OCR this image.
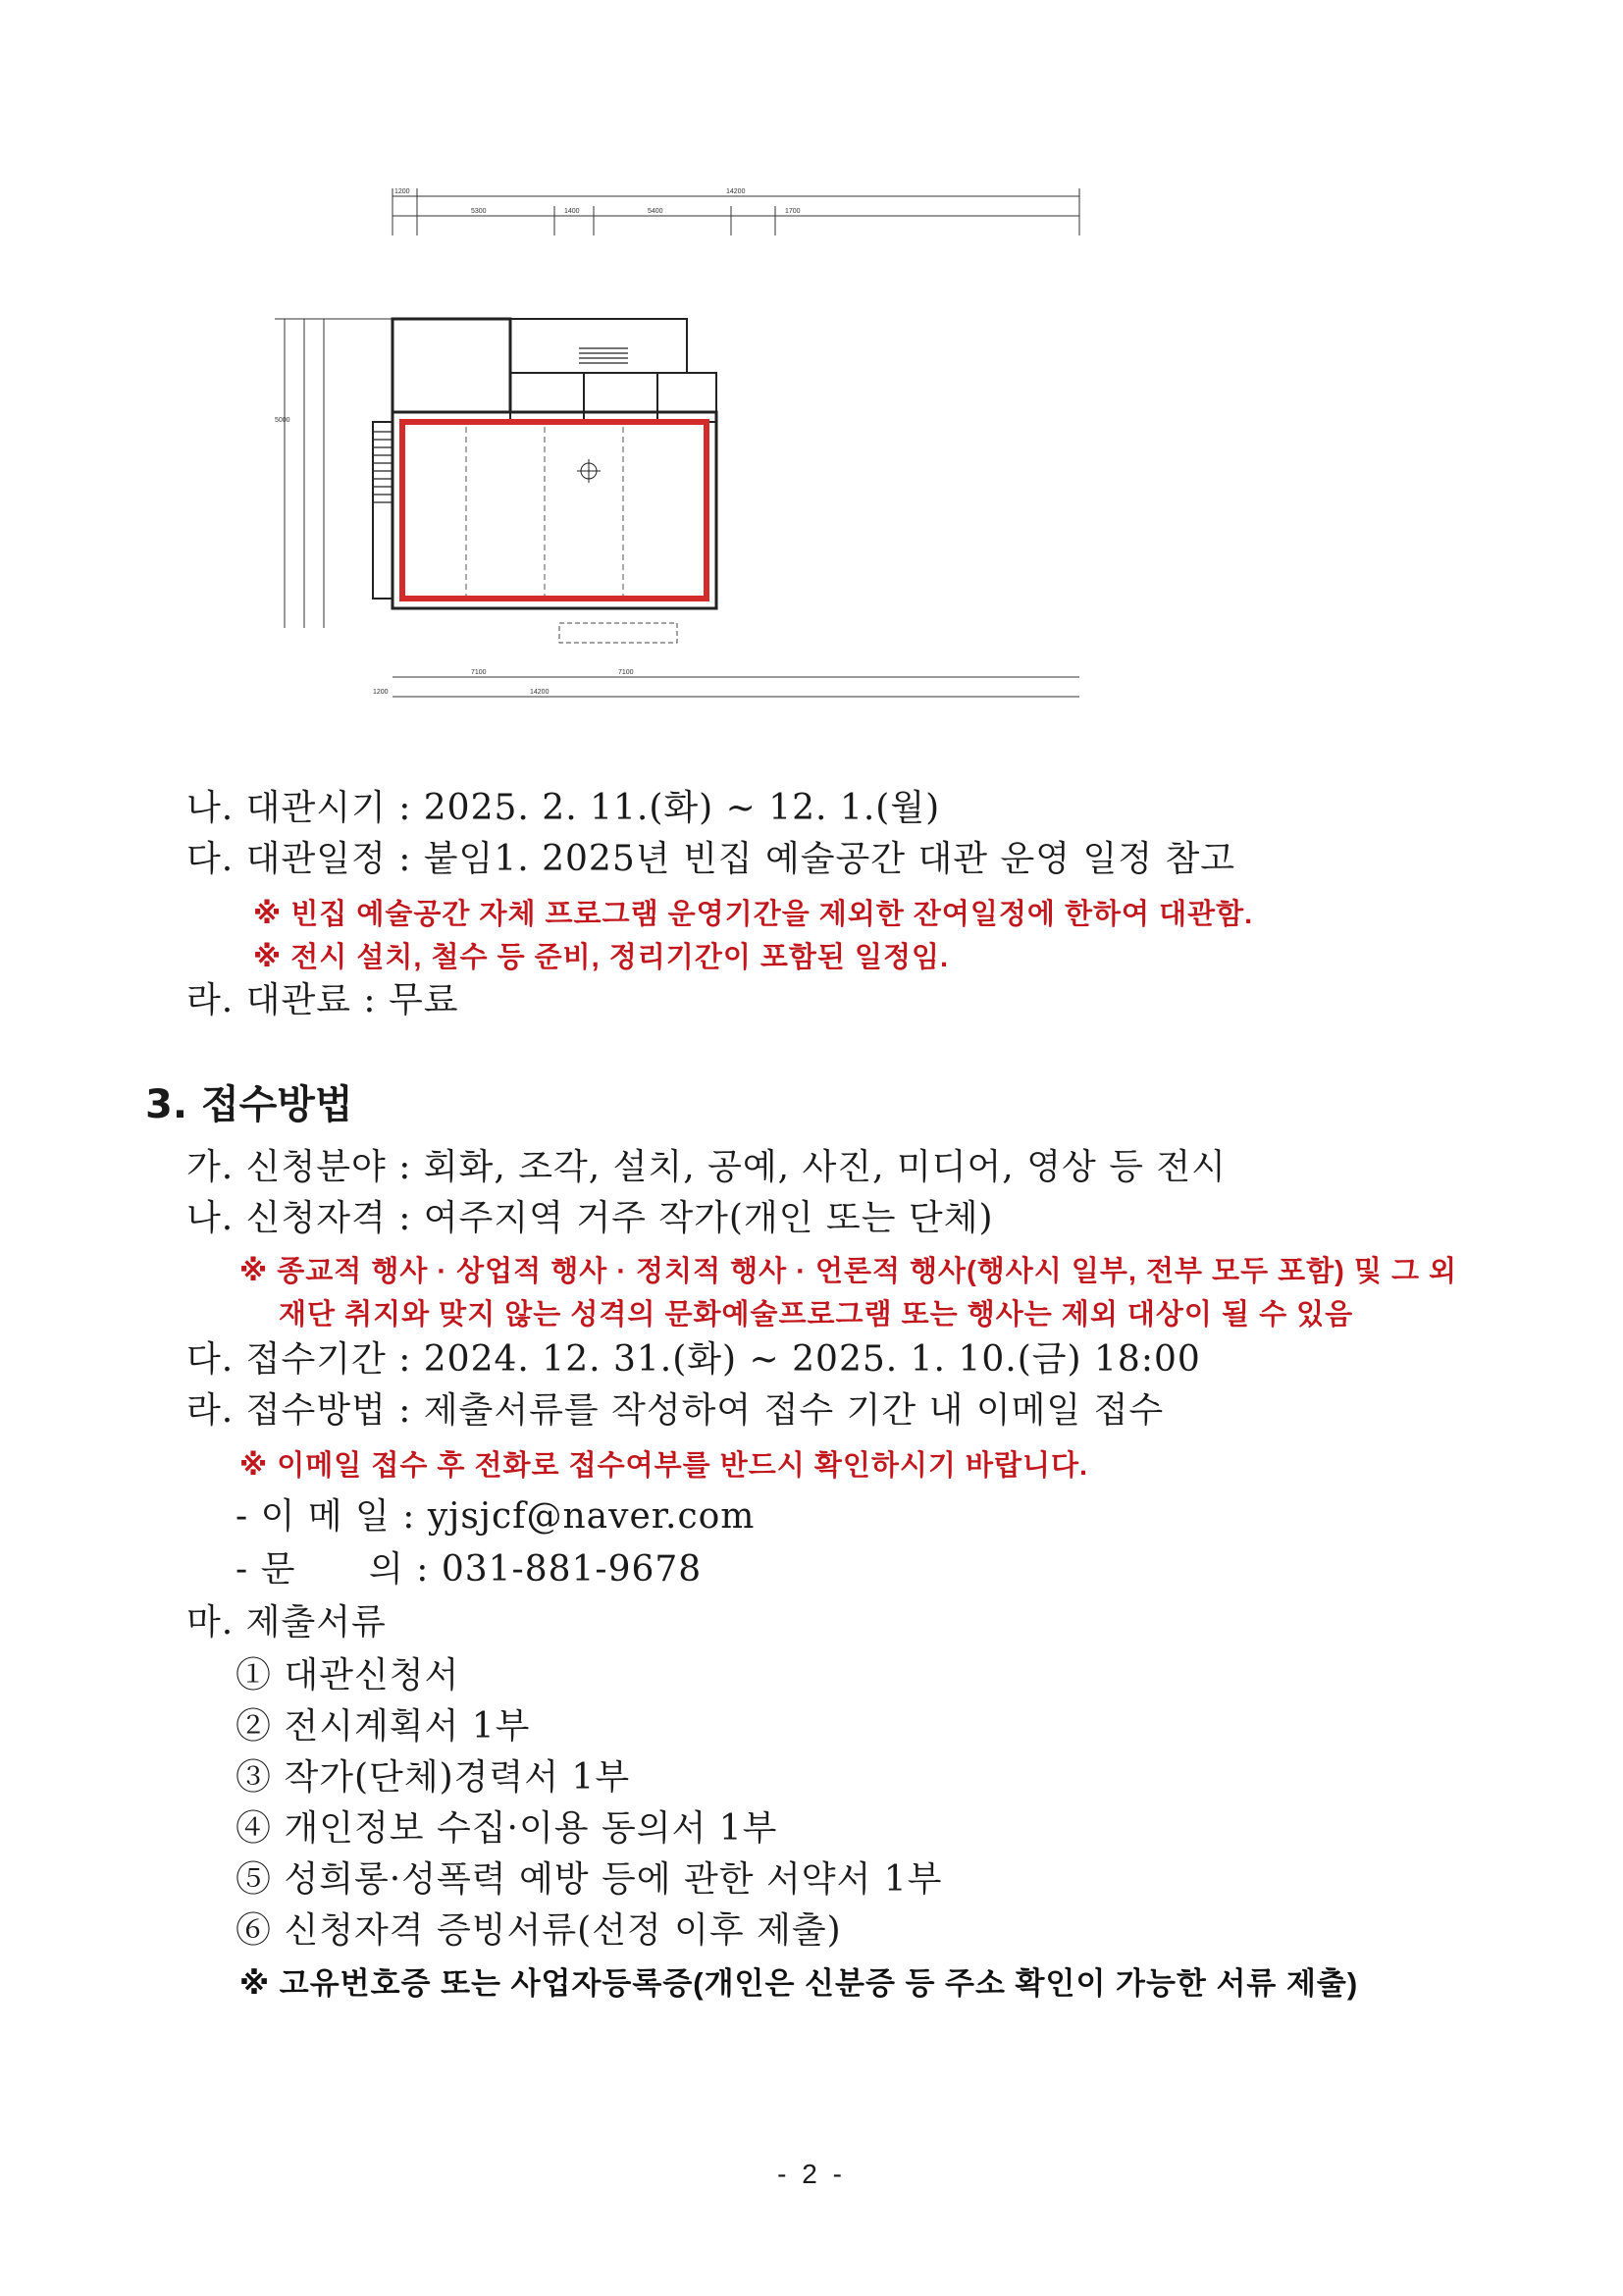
1200	14200
5300	1400	5400	1700
5000
7100	7100
1200	14200
나. 대관시기 : 2025. 2. 11.(화) ~ 12. 1.(월)
다. 대관일정 : 붙임1. 2025년 빈집 예술공간 대관 운영 일정 참고
※ 빈집 예술공간 자체 프로그램 운영기간을 제외한 잔여일정에 한하여 대관함.
※ 전시 설치, 철수 등 준비, 정리기간이 포함된 일정임.
라. 대관료 : 무료
3. 접수방법
가. 신청분야 : 회화, 조각, 설치, 공예, 사진, 미디어, 영상 등 전시
나. 신청자격 : 여주지역 거주 작가(개인 또는 단체)
※ 종교적 행사 · 상업적 행사 · 정치적 행사 · 언론적 행사(행사시 일부, 전부 모두 포함) 및 그 외
재단 취지와 맞지 않는 성격의 문화예술프로그램 또는 행사는 제외 대상이 될 수 있음
다. 접수기간 : 2024. 12. 31.(화) ~ 2025. 1. 10.(금) 18:00
라. 접수방법 : 제출서류를 작성하여 접수 기간 내 이메일 접수
※ 이메일 접수 후 전화로 접수여부를 반드시 확인하시기 바랍니다.
- 이 메 일 : yjsjcf@naver.com
- 문      의 : 031-881-9678
마. 제출서류
① 대관신청서
② 전시계획서 1부
③ 작가(단체)경력서 1부
④ 개인정보 수집·이용 동의서 1부
⑤ 성희롱·성폭력 예방 등에 관한 서약서 1부
⑥ 신청자격 증빙서류(선정 이후 제출)
※ 고유번호증 또는 사업자등록증(개인은 신분증 등 주소 확인이 가능한 서류 제출)
- 2 -
